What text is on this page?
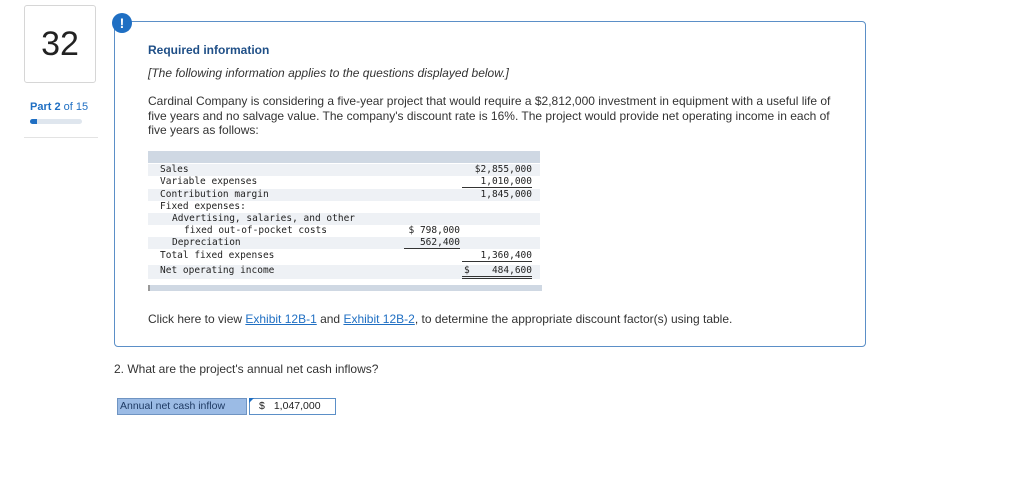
32
Part 2 of 15
!
Required information
[The following information applies to the questions displayed below.]
Cardinal Company is considering a five-year project that would require a $2,812,000 investment in equipment with a useful life of five years and no salvage value. The company's discount rate is 16%. The project would provide net operating income in each of five years as follows:
Sales	$2,855,000
Variable expenses	1,010,000
Contribution margin	1,845,000
Fixed expenses:
Advertising, salaries, and other
fixed out-of-pocket costs	$ 798,000
Depreciation	562,400
Total fixed expenses	1,360,400
Net operating income	$ 484,600
Click here to view Exhibit 12B-1 and Exhibit 12B-2, to determine the appropriate discount factor(s) using table.
2. What are the project's annual net cash inflows?
Annual net cash inflow	$ 1,047,000
